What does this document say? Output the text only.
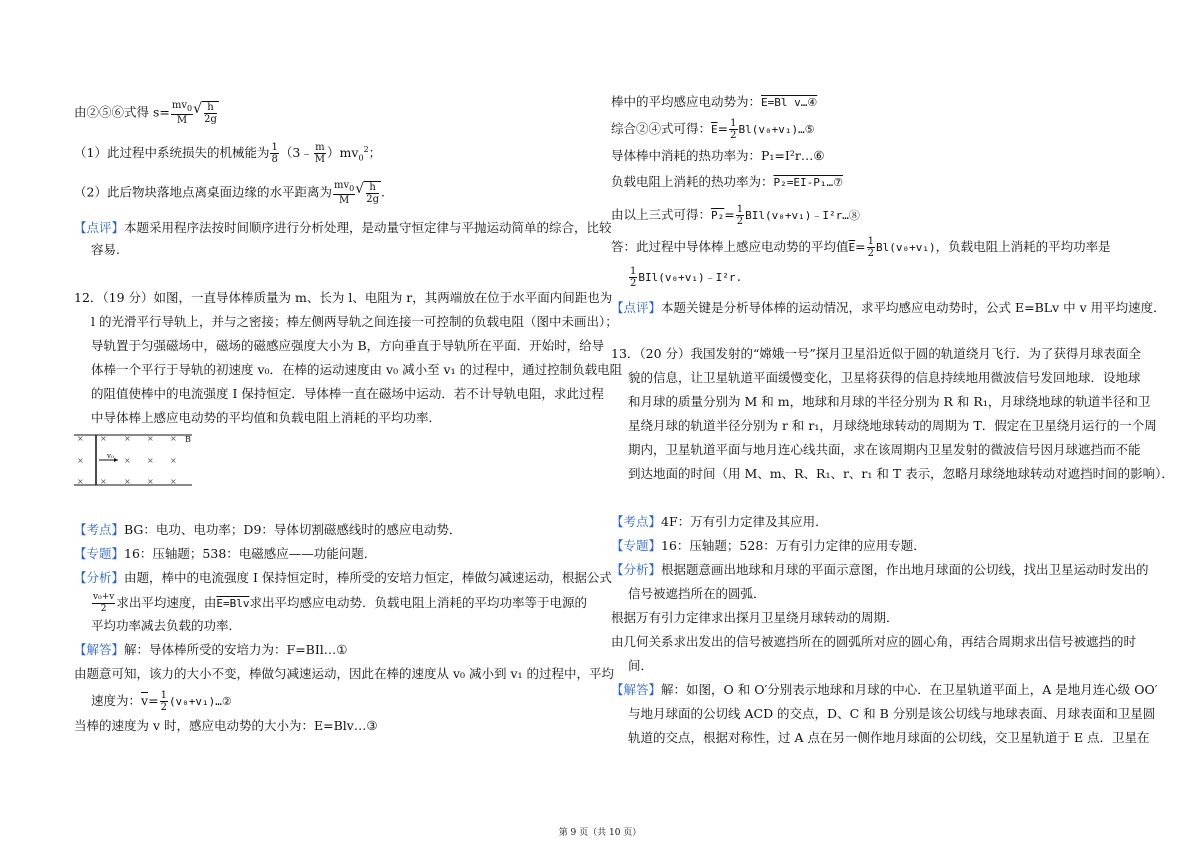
由②⑤⑥式得 $s= \frac{mv_0}{M}$ √ $\frac{h}{2g}$
（1）此过程中系统损失的机械能为 $\frac{1}{8}$ （3﹣ $\frac{m}{M} )mv_0^2$；
（2）此后物块落地点离桌面边缘的水平距离为 $\frac{mv_0}{M}$ √ $\frac{h}{2g}$ .
【点评】本题采用程序法按时间顺序进行分析处理，是动量守恒定律与平抛运动简单的综合，比较
容易.
12．（19 分）如图，一直导体棒质量为 m、长为 l、电阻为 r，其两端放在位于水平面内间距也为
l 的光滑平行导轨上，并与之密接；棒左侧两导轨之间连接一可控制的负载电阻（图中未画出）；
导轨置于匀强磁场中，磁场的磁感应强度大小为 B，方向垂直于导轨所在平面．开始时，给导
体棒一个平行于导轨的初速度 v₀．在棒的运动速度由 v₀ 减小至 v₁ 的过程中，通过控制负载电阻
的阻值使棒中的电流强度 I 保持恒定．导体棒一直在磁场中运动．若不计导轨电阻，求此过程
中导体棒上感应电动势的平均值和负载电阻上消耗的平均功率．
× × × × ×
×	× × ×
× × × × ×
B
v₀
【考点】BG：电功、电功率；D9：导体切割磁感线时的感应电动势．
【专题】16：压轴题；538：电磁感应——功能问题．
【分析】由题，棒中的电流强度 I 保持恒定时，棒所受的安培力恒定，棒做匀减速运动，根据公式
$\frac{\text{v₀+v}}{2}$ 求出平均速度，由E=Blv求出平均感应电动势．负载电阻上消耗的平均功率等于电源的
平均功率减去负载的功率．
【解答】解：导体棒所受的安培力为：F=BIl…①
由题意可知，该力的大小不变，棒做匀减速运动，因此在棒的速度从 v₀ 减小到 v₁ 的过程中，平均
速度为：$\overline{v}= \frac{1}{2}$ (v₀+v₁)…②
当棒的速度为 v 时，感应电动势的大小为：E=Blv…③
棒中的平均感应电动势为：E=Bl v…④
综合②④式可得：$\overline{E}= \frac{1}{2}$ Bl(v₀+v₁)…⑤
导体棒中消耗的热功率为：P₁=I²r…⑥
负载电阻上消耗的热功率为：P₂=EI-P₁…⑦
由以上三式可得：$P_2= \frac{1}{2}$ BIl(v₀+v₁)﹣I²r…⑧
答：此过程中导体棒上感应电动势的平均值$\overline{E}= \frac{1}{2} Bl(v_0+v_1)$，负载电阻上消耗的平均功率是
$\frac{1}{2}$ BIl(v₀+v₁)﹣I²r.
【点评】本题关键是分析导体棒的运动情况，求平均感应电动势时，公式 E=BLv 中 v 用平均速度．
13．（20 分）我国发射的“嫦娥一号”探月卫星沿近似于圆的轨道绕月飞行．为了获得月球表面全
貌的信息，让卫星轨道平面缓慢变化，卫星将获得的信息持续地用微波信号发回地球．设地球
和月球的质量分别为 M 和 m，地球和月球的半径分别为 R 和 R₁，月球绕地球的轨道半径和卫
星绕月球的轨道半径分别为 r 和 r₁，月球绕地球转动的周期为 T．假定在卫星绕月运行的一个周
期内，卫星轨道平面与地月连心线共面，求在该周期内卫星发射的微波信号因月球遮挡而不能
到达地面的时间（用 M、m、R、R₁、r、r₁ 和 T 表示，忽略月球绕地球转动对遮挡时间的影响）．
【考点】4F：万有引力定律及其应用．
【专题】16：压轴题；528：万有引力定律的应用专题．
【分析】根据题意画出地球和月球的平面示意图，作出地月球面的公切线，找出卫星运动时发出的
信号被遮挡所在的圆弧．
根据万有引力定律求出探月卫星绕月球转动的周期．
由几何关系求出发出的信号被遮挡所在的圆弧所对应的圆心角，再结合周期求出信号被遮挡的时
间．
【解答】解：如图，O 和 O′分别表示地球和月球的中心．在卫星轨道平面上，A 是地月连心级 OO′
与地月球面的公切线 ACD 的交点，D、C 和 B 分别是该公切线与地球表面、月球表面和卫星圆
轨道的交点，根据对称性，过 A 点在另一侧作地月球面的公切线，交卫星轨道于 E 点．卫星在
第 9 页（共 10 页）
